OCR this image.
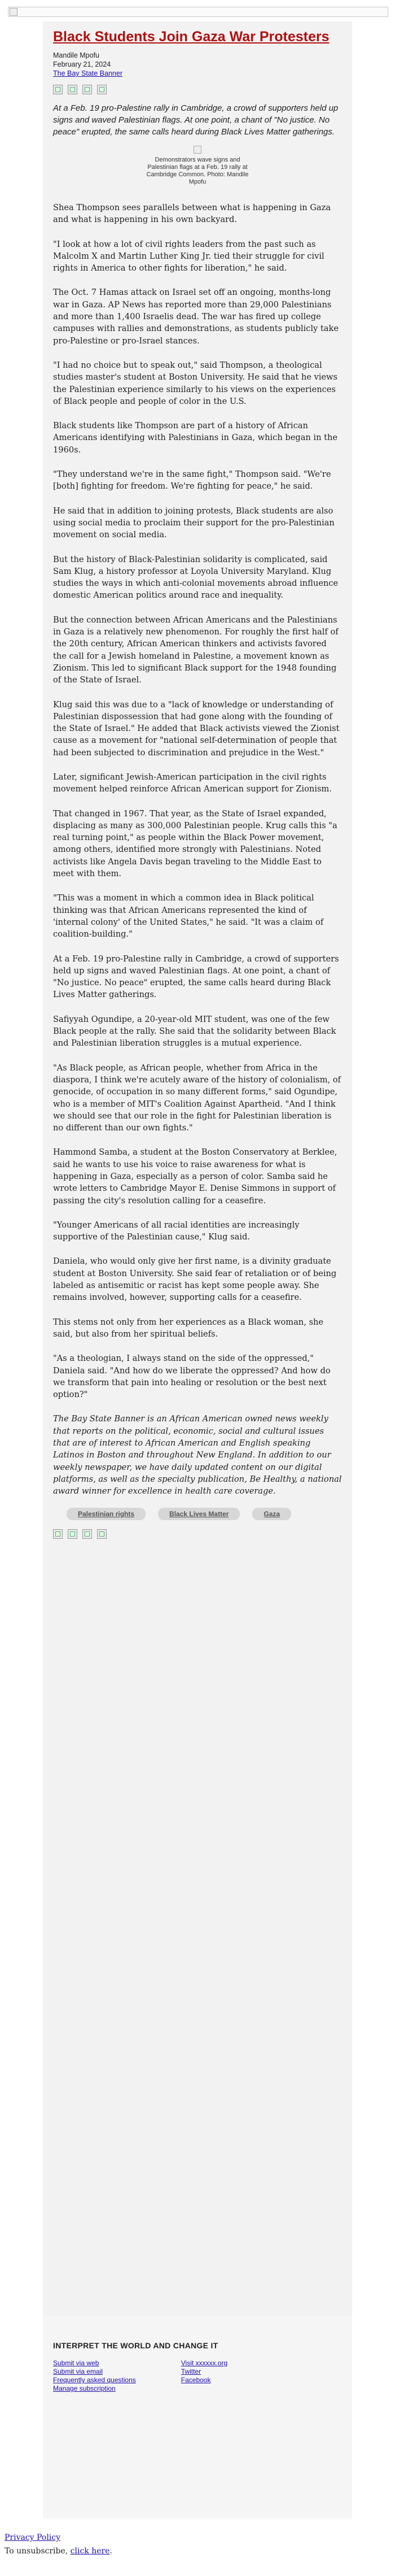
Black Students Join Gaza War Protesters
Mandile Mpofu
February 21, 2024
The Bay State Banner
At a Feb. 19 pro-Palestine rally in Cambridge, a crowd of supporters held up signs and waved Palestinian flags. At one point, a chant of "No justice. No peace" erupted, the same calls heard during Black Lives Matter gatherings.
Demonstrators wave signs and Palestinian flags at a Feb. 19 rally at Cambridge Common. Photo: Mandile Mpofu

Shea Thompson sees parallels between what is happening in Gaza and what is happening in his own backyard.

"I look at how a lot of civil rights leaders from the past such as Malcolm X and Martin Luther King Jr. tied their struggle for civil rights in America to other fights for liberation," he said.

The Oct. 7 Hamas attack on Israel set off an ongoing, months-long war in Gaza. AP News has reported more than 29,000 Palestinians and more than 1,400 Israelis dead. The war has fired up college campuses with rallies and demonstrations, as students publicly take pro-Palestine or pro-Israel stances.

"I had no choice but to speak out," said Thompson, a theological studies master's student at Boston University. He said that he views the Palestinian experience similarly to his views on the experiences of Black people and people of color in the U.S.

Black students like Thompson are part of a history of African Americans identifying with Palestinians in Gaza, which began in the 1960s.

"They understand we're in the same fight," Thompson said. "We're [both] fighting for freedom. We're fighting for peace," he said.

He said that in addition to joining protests, Black students are also using social media to proclaim their support for the pro-Palestinian movement on social media.

But the history of Black-Palestinian solidarity is complicated, said Sam Klug, a history professor at Loyola University Maryland. Klug studies the ways in which anti-colonial movements abroad influence domestic American politics around race and inequality.

But the connection between African Americans and the Palestinians in Gaza is a relatively new phenomenon. For roughly the first half of the 20th century, African American thinkers and activists favored the call for a Jewish homeland in Palestine, a movement known as Zionism. This led to significant Black support for the 1948 founding of the State of Israel.

Klug said this was due to a "lack of knowledge or understanding of Palestinian dispossession that had gone along with the founding of the State of Israel." He added that Black activists viewed the Zionist cause as a movement for "national self-determination of people that had been subjected to discrimination and prejudice in the West."

Later, significant Jewish-American participation in the civil rights movement helped reinforce African American support for Zionism.

That changed in 1967. That year, as the State of Israel expanded, displacing as many as 300,000 Palestinian people. Krug calls this "a real turning point," as people within the Black Power movement, among others, identified more strongly with Palestinians. Noted activists like Angela Davis began traveling to the Middle East to meet with them.

"This was a moment in which a common idea in Black political thinking was that African Americans represented the kind of 'internal colony' of the United States," he said. "It was a claim of coalition-building."

At a Feb. 19 pro-Palestine rally in Cambridge, a crowd of supporters held up signs and waved Palestinian flags. At one point, a chant of "No justice. No peace" erupted, the same calls heard during Black Lives Matter gatherings.

Safiyyah Ogundipe, a 20-year-old MIT student, was one of the few Black people at the rally. She said that the solidarity between Black and Palestinian liberation struggles is a mutual experience.

"As Black people, as African people, whether from Africa in the diaspora, I think we're acutely aware of the history of colonialism, of genocide, of occupation in so many different forms," said Ogundipe, who is a member of MIT's Coalition Against Apartheid. "And I think we should see that our role in the fight for Palestinian liberation is no different than our own fights."

Hammond Samba, a student at the Boston Conservatory at Berklee, said he wants to use his voice to raise awareness for what is happening in Gaza, especially as a person of color. Samba said he wrote letters to Cambridge Mayor E. Denise Simmons in support of passing the city's resolution calling for a ceasefire.

"Younger Americans of all racial identities are increasingly supportive of the Palestinian cause," Klug said.

Daniela, who would only give her first name, is a divinity graduate student at Boston University. She said fear of retaliation or of being labeled as antisemitic or racist has kept some people away. She remains involved, however, supporting calls for a ceasefire.

This stems not only from her experiences as a Black woman, she said, but also from her spiritual beliefs.

"As a theologian, I always stand on the side of the oppressed," Daniela said. "And how do we liberate the oppressed? And how do we transform that pain into healing or resolution or the best next option?"

The Bay State Banner is an African American owned news weekly that reports on the political, economic, social and cultural issues that are of interest to African American and English speaking Latinos in Boston and throughout New England. In addition to our weekly newspaper, we have daily updated content on our digital platforms, as well as the specialty publication, Be Healthy, a national award winner for excellence in health care coverage.
Palestinian rights	Black Lives Matter	Gaza
INTERPRET THE WORLD AND CHANGE IT
Submit via web
Submit via email
Frequently asked questions
Manage subscription
Visit xxxxxx.org
Twitter
Facebook
Privacy Policy
To unsubscribe, click here.
